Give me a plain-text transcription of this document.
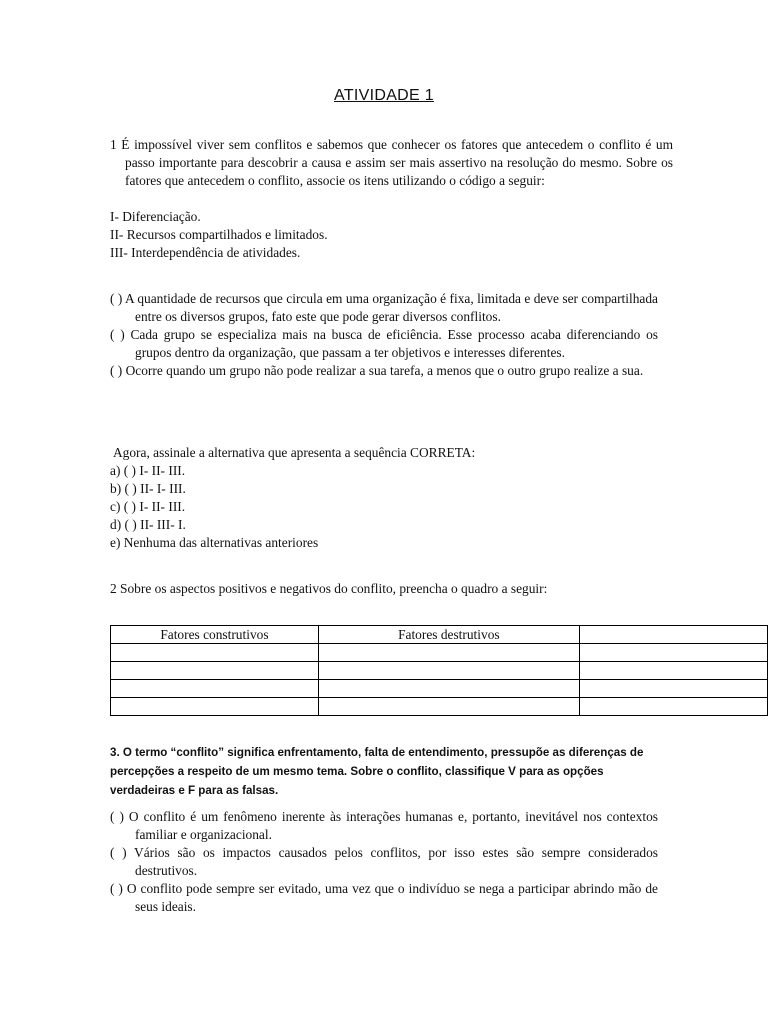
ATIVIDADE 1
1 É impossível viver sem conflitos e sabemos que conhecer os fatores que antecedem o conflito é um passo importante para descobrir a causa e assim ser mais assertivo na resolução do mesmo. Sobre os fatores que antecedem o conflito, associe os itens utilizando o código a seguir:

I- Diferenciação.

II- Recursos compartilhados e limitados.

III- Interdependência de atividades.

( ) A quantidade de recursos que circula em uma organização é fixa, limitada e deve ser compartilhada entre os diversos grupos, fato este que pode gerar diversos conflitos.

( ) Cada grupo se especializa mais na busca de eficiência. Esse processo acaba diferenciando os grupos dentro da organização, que passam a ter objetivos e interesses diferentes.

( ) Ocorre quando um grupo não pode realizar a sua tarefa, a menos que o outro grupo realize a sua.

Agora, assinale a alternativa que apresenta a sequência CORRETA:

a) ( ) I- II- III.

b) ( ) II- I- III.

c) ( ) I- II- III.

d) ( ) II- III- I.

e) Nenhuma das alternativas anteriores

2 Sobre os aspectos positivos e negativos do conflito, preencha o quadro a seguir:
Fatores construtivos	Fatores destrutivos	

3. O termo “conflito” significa enfrentamento, falta de entendimento, pressupõe as diferenças de percepções a respeito de um mesmo tema. Sobre o conflito, classifique V para as opções verdadeiras e F para as falsas.

( ) O conflito é um fenômeno inerente às interações humanas e, portanto, inevitável nos contextos familiar e organizacional.

( ) Vários são os impactos causados pelos conflitos, por isso estes são sempre considerados destrutivos.

( ) O conflito pode sempre ser evitado, uma vez que o indivíduo se nega a participar abrindo mão de seus ideais.
